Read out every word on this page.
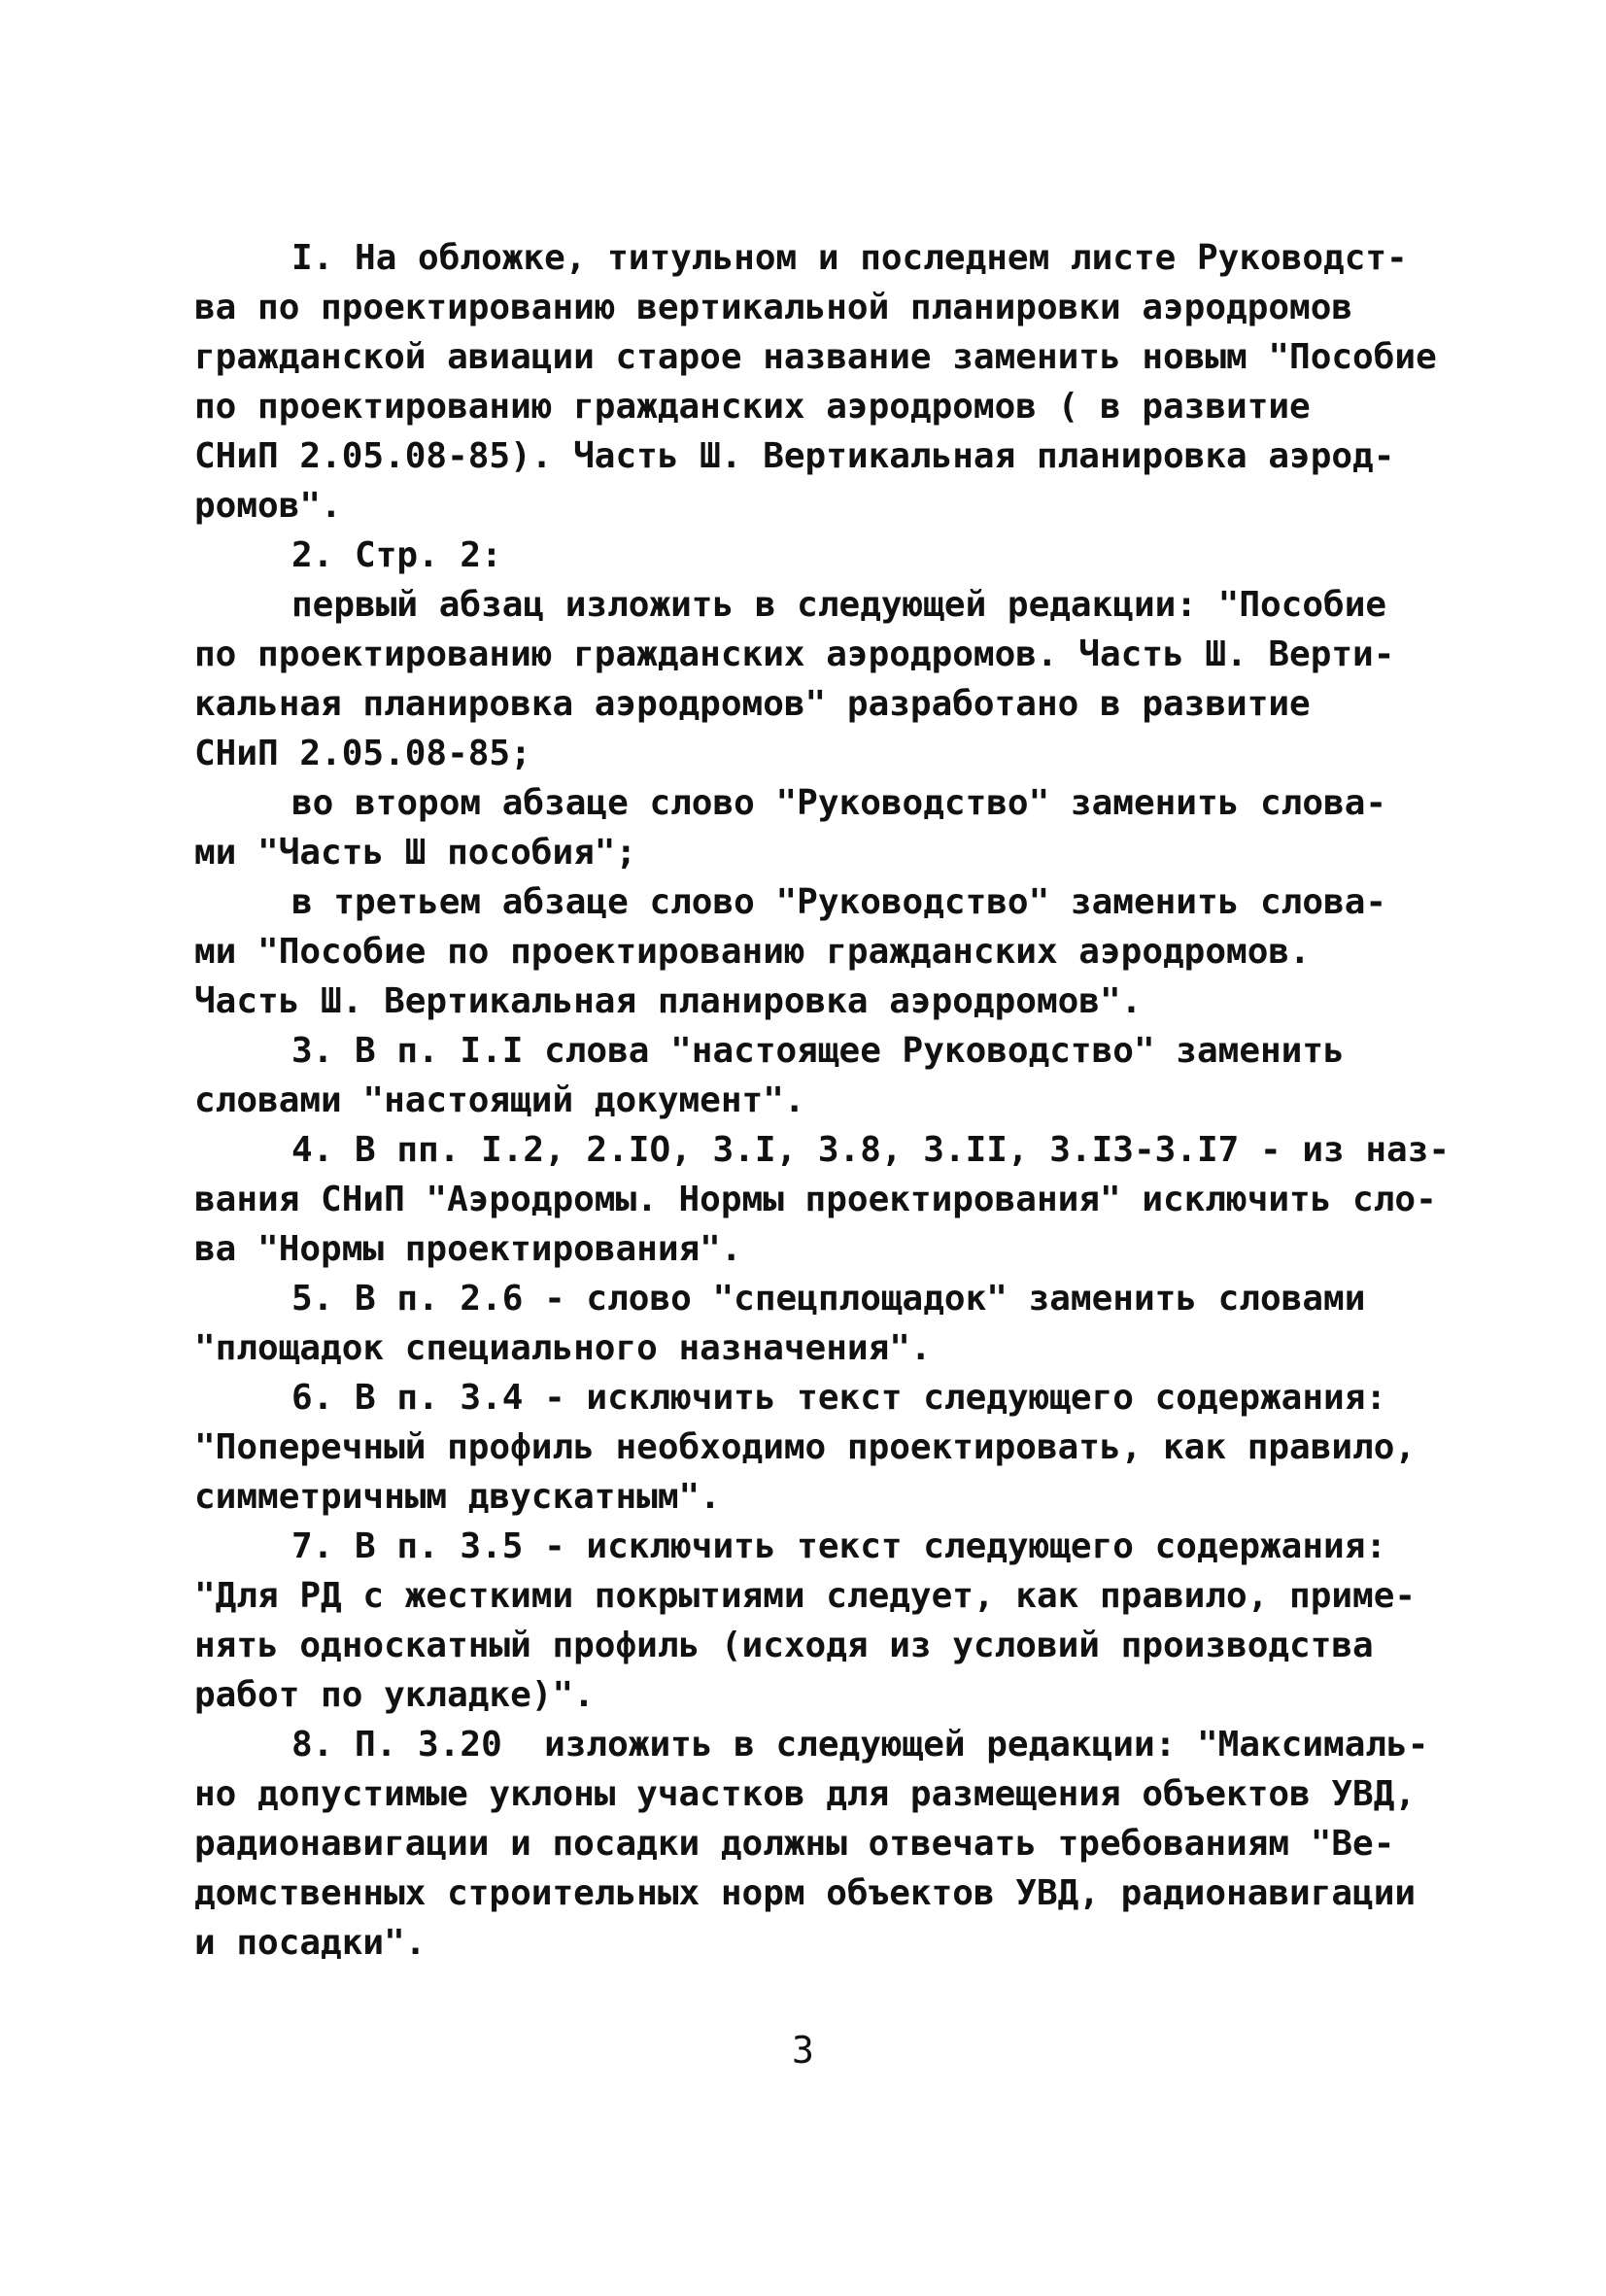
I. На обложке, титульном и последнем листе Руководст-
ва по проектированию вертикальной планировки аэродромов
гражданской авиации старое название заменить новым "Пособие
по проектированию гражданских аэродромов ( в развитие
СНиП 2.05.08-85). Часть Ш. Вертикальная планировка аэрод-
ромов".
2. Стр. 2:
первый абзац изложить в следующей редакции: "Пособие
по проектированию гражданских аэродромов. Часть Ш. Верти-
кальная планировка аэродромов" разработано в развитие
СНиП 2.05.08-85;
во втором абзаце слово "Руководство" заменить слова-
ми "Часть Ш пособия";
в третьем абзаце слово "Руководство" заменить слова-
ми "Пособие по проектированию гражданских аэродромов.
Часть Ш. Вертикальная планировка аэродромов".
3. В п. I.I слова "настоящее Руководство" заменить
словами "настоящий документ".
4. В пп. I.2, 2.IO, 3.I, 3.8, 3.II, 3.I3-3.I7 - из наз-
вания СНиП "Аэродромы. Нормы проектирования" исключить сло-
ва "Нормы проектирования".
5. В п. 2.6 - слово "спецплощадок" заменить словами
"площадок специального назначения".
6. В п. 3.4 - исключить текст следующего содержания:
"Поперечный профиль необходимо проектировать, как правило,
симметричным двускатным".
7. В п. 3.5 - исключить текст следующего содержания:
"Для РД с жесткими покрытиями следует, как правило, приме-
нять односкатный профиль (исходя из условий производства
работ по укладке)".
8. П. 3.20  изложить в следующей редакции: "Максималь-
но допустимые уклоны участков для размещения объектов УВД,
радионавигации и посадки должны отвечать требованиям "Ве-
домственных строительных норм объектов УВД, радионавигации
и посадки".
3
